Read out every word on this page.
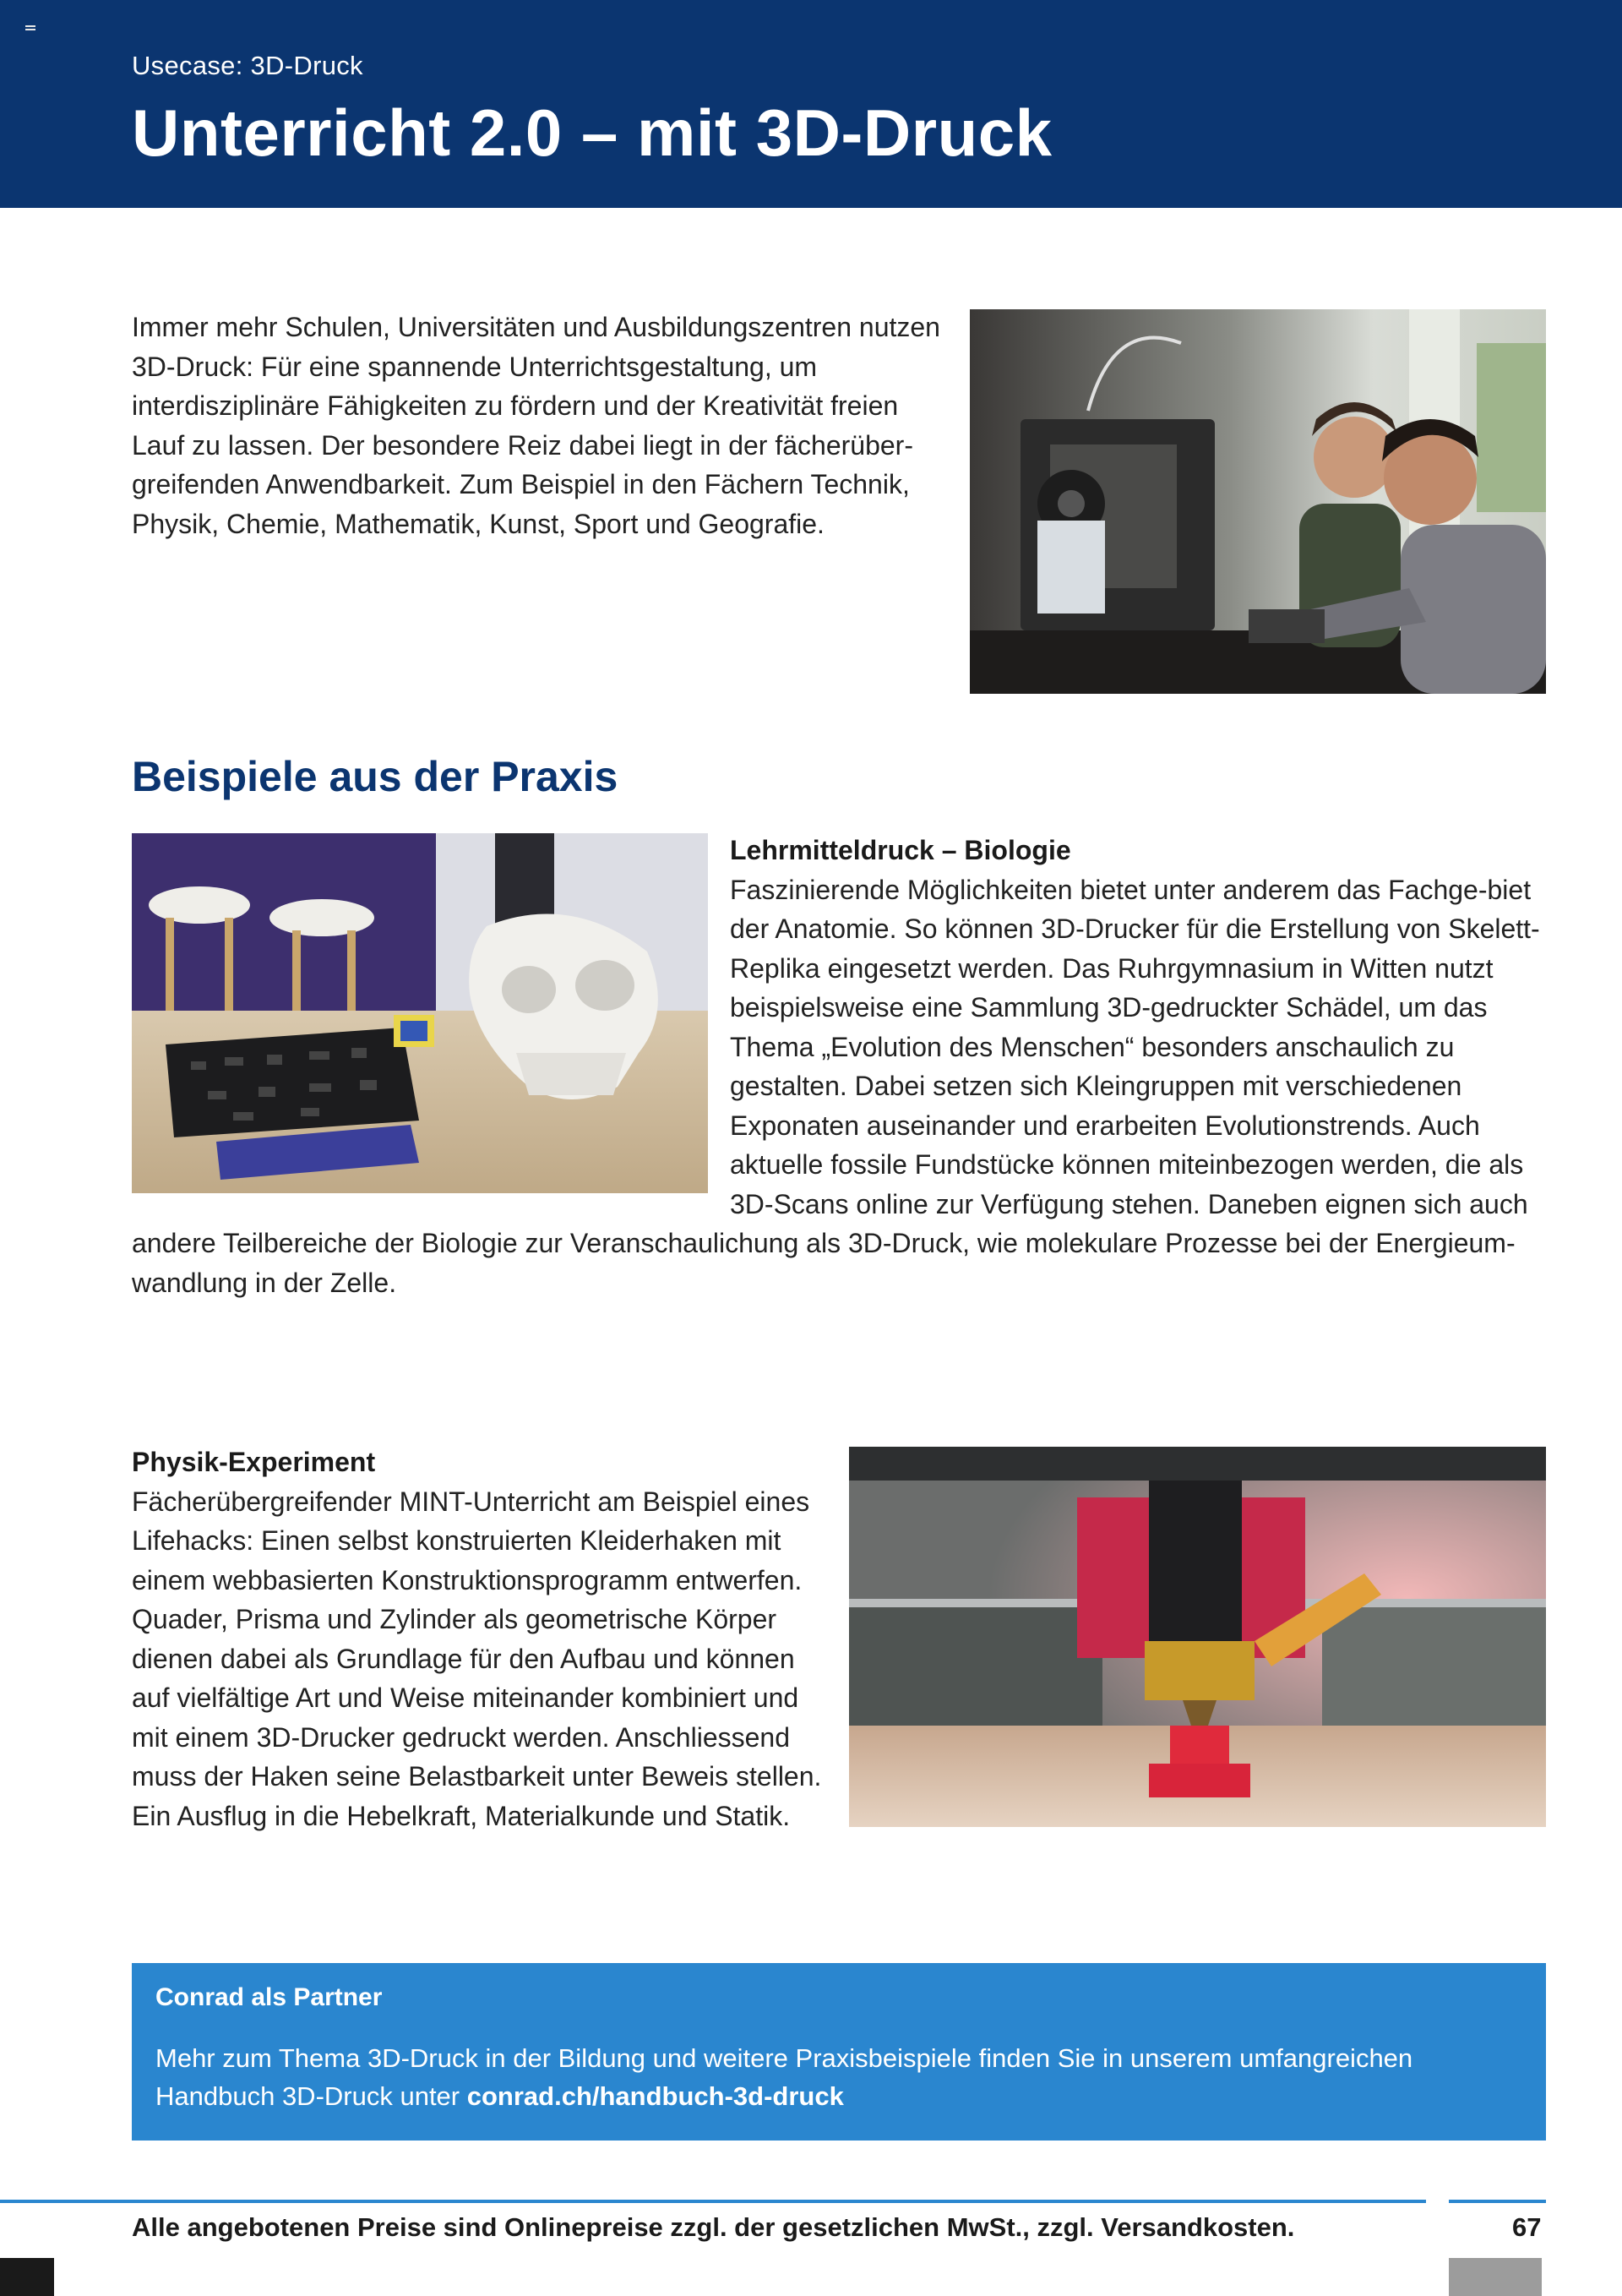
Usecase: 3D-Druck
Unterricht 2.0 – mit 3D-Druck
Immer mehr Schulen, Universitäten und Ausbildungszentren nutzen 3D-Druck: Für eine spannende Unterrichtsgestaltung, um interdisziplinäre Fähigkeiten zu fördern und der Kreativität freien Lauf zu lassen. Der besondere Reiz dabei liegt in der fächerüber-greifenden Anwendbarkeit. Zum Beispiel in den Fächern Technik, Physik, Chemie, Mathematik, Kunst, Sport und Geografie.
Beispiele aus der Praxis
Lehrmitteldruck – Biologie

Faszinierende Möglichkeiten bietet unter anderem das Fachge-biet der Anatomie. So können 3D-Drucker für die Erstellung von Skelett-Replika eingesetzt werden. Das Ruhrgymnasium in Witten nutzt beispielsweise eine Sammlung 3D-gedruckter Schädel, um das Thema „Evolution des Menschen“ besonders anschaulich zu gestalten. Dabei setzen sich Kleingruppen mit verschiedenen Exponaten auseinander und erarbeiten Evolutionstrends. Auch aktuelle fossile Fundstücke können miteinbezogen werden, die als 3D-Scans online zur Verfügung stehen. Daneben eignen sich auch andere Teilbereiche der Biologie zur Veranschaulichung als 3D-Druck, wie molekulare Prozesse bei der Energieum-wandlung in der Zelle.

Physik-Experiment

Fächerübergreifender MINT-Unterricht am Beispiel eines Lifehacks: Einen selbst konstruierten Kleiderhaken mit einem webbasierten Konstruktionsprogramm entwerfen. Quader, Prisma und Zylinder als geometrische Körper dienen dabei als Grundlage für den Aufbau und können auf vielfältige Art und Weise miteinander kombiniert und mit einem 3D-Drucker gedruckt werden. Anschliessend muss der Haken seine Belastbarkeit unter Beweis stellen. Ein Ausflug in die Hebelkraft, Materialkunde und Statik.

Conrad als Partner
Mehr zum Thema 3D-Druck in der Bildung und weitere Praxisbeispiele finden Sie in unserem umfangreichen Handbuch 3D-Druck unter conrad.ch/handbuch-3d-druck
Alle angebotenen Preise sind Onlinepreise zzgl. der gesetzlichen MwSt., zzgl. Versandkosten.	67
